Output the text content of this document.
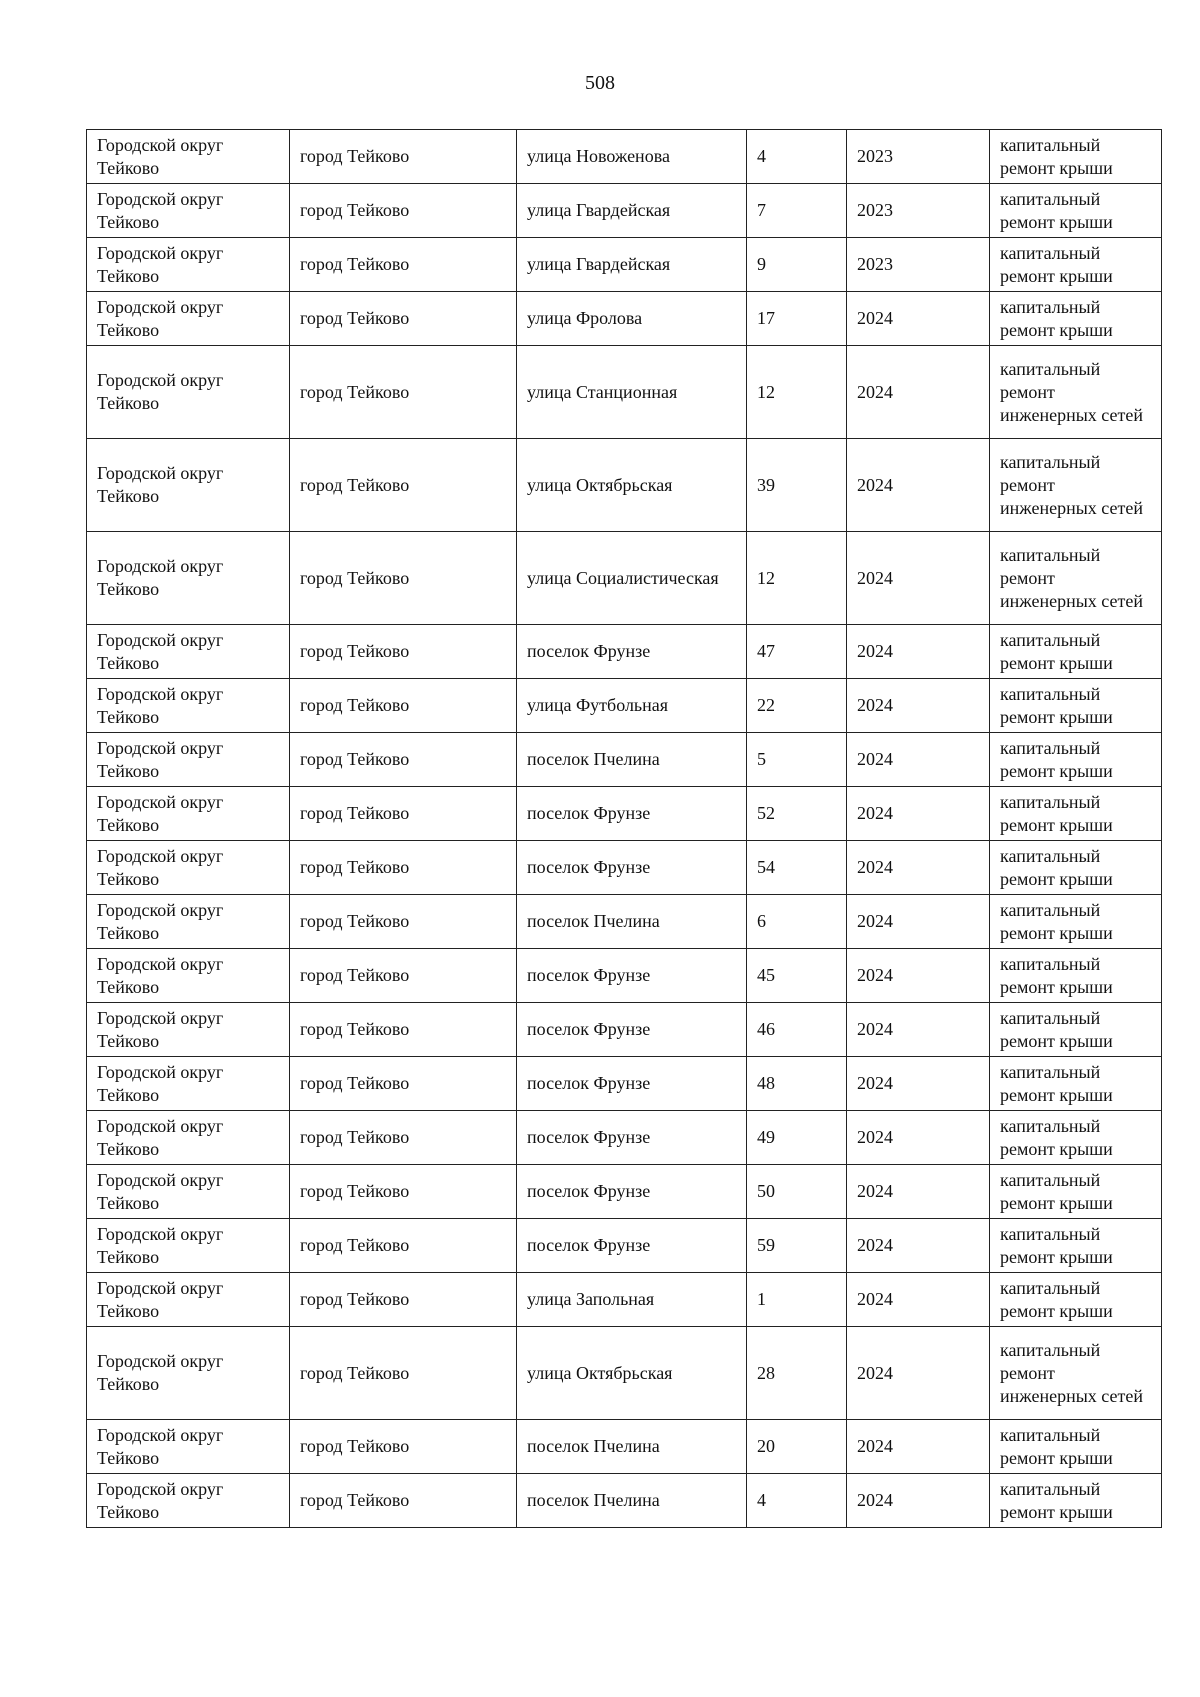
508
Городской округ Тейково	город Тейково	улица Новоженова	4	2023	капитальный ремонт крыши
Городской округ Тейково	город Тейково	улица Гвардейская	7	2023	капитальный ремонт крыши
Городской округ Тейково	город Тейково	улица Гвардейская	9	2023	капитальный ремонт крыши
Городской округ Тейково	город Тейково	улица Фролова	17	2024	капитальный ремонт крыши
Городской округ Тейково	город Тейково	улица Станционная	12	2024	капитальный ремонт инженерных сетей
Городской округ Тейково	город Тейково	улица Октябрьская	39	2024	капитальный ремонт инженерных сетей
Городской округ Тейково	город Тейково	улица Социалистическая	12	2024	капитальный ремонт инженерных сетей
Городской округ Тейково	город Тейково	поселок Фрунзе	47	2024	капитальный ремонт крыши
Городской округ Тейково	город Тейково	улица Футбольная	22	2024	капитальный ремонт крыши
Городской округ Тейково	город Тейково	поселок Пчелина	5	2024	капитальный ремонт крыши
Городской округ Тейково	город Тейково	поселок Фрунзе	52	2024	капитальный ремонт крыши
Городской округ Тейково	город Тейково	поселок Фрунзе	54	2024	капитальный ремонт крыши
Городской округ Тейково	город Тейково	поселок Пчелина	6	2024	капитальный ремонт крыши
Городской округ Тейково	город Тейково	поселок Фрунзе	45	2024	капитальный ремонт крыши
Городской округ Тейково	город Тейково	поселок Фрунзе	46	2024	капитальный ремонт крыши
Городской округ Тейково	город Тейково	поселок Фрунзе	48	2024	капитальный ремонт крыши
Городской округ Тейково	город Тейково	поселок Фрунзе	49	2024	капитальный ремонт крыши
Городской округ Тейково	город Тейково	поселок Фрунзе	50	2024	капитальный ремонт крыши
Городской округ Тейково	город Тейково	поселок Фрунзе	59	2024	капитальный ремонт крыши
Городской округ Тейково	город Тейково	улица Запольная	1	2024	капитальный ремонт крыши
Городской округ Тейково	город Тейково	улица Октябрьская	28	2024	капитальный ремонт инженерных сетей
Городской округ Тейково	город Тейково	поселок Пчелина	20	2024	капитальный ремонт крыши
Городской округ Тейково	город Тейково	поселок Пчелина	4	2024	капитальный ремонт крыши
